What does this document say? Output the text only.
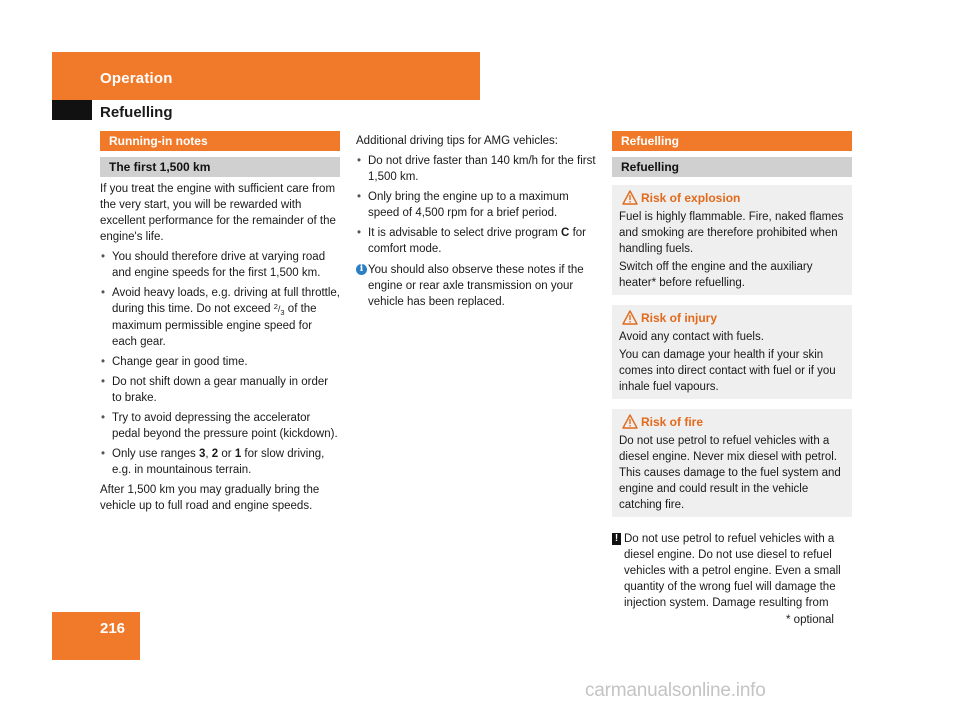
Operation
Refuelling
Running-in notes
The first 1,500 km

If you treat the engine with sufficient care from the very start, you will be rewarded with excellent performance for the remainder of the engine's life.

• You should therefore drive at varying road and engine speeds for the first 1,500 km.
• Avoid heavy loads, e.g. driving at full throttle, during this time. Do not exceed $^2/_3$ of the maximum permissible engine speed for each gear.
• Change gear in good time.
• Do not shift down a gear manually in order to brake.
• Try to avoid depressing the accelerator pedal beyond the pressure point (kickdown).
• Only use ranges 3, 2 or 1 for slow driving, e.g. in mountainous terrain.

After 1,500 km you may gradually bring the vehicle up to full road and engine speeds.

Additional driving tips for AMG vehicles:

• Do not drive faster than 140 km/h for the first 1,500 km.
• Only bring the engine up to a maximum speed of 4,500 rpm for a brief period.
• It is advisable to select drive program C for comfort mode.
i You should also observe these notes if the engine or rear axle transmission on your vehicle has been replaced.
Refuelling
Refuelling
Risk of explosion

Fuel is highly flammable. Fire, naked flames and smoking are therefore prohibited when handling fuels.

Switch off the engine and the auxiliary heater* before refuelling.

Risk of injury

Avoid any contact with fuels.

You can damage your health if your skin comes into direct contact with fuel or if you inhale fuel vapours.

Risk of fire

Do not use petrol to refuel vehicles with a diesel engine. Never mix diesel with petrol. This causes damage to the fuel system and engine and could result in the vehicle catching fire.

! Do not use petrol to refuel vehicles with a diesel engine. Do not use diesel to refuel vehicles with a petrol engine. Even a small quantity of the wrong fuel will damage the injection system. Damage resulting from
216	* optional
carmanualsonline.info
